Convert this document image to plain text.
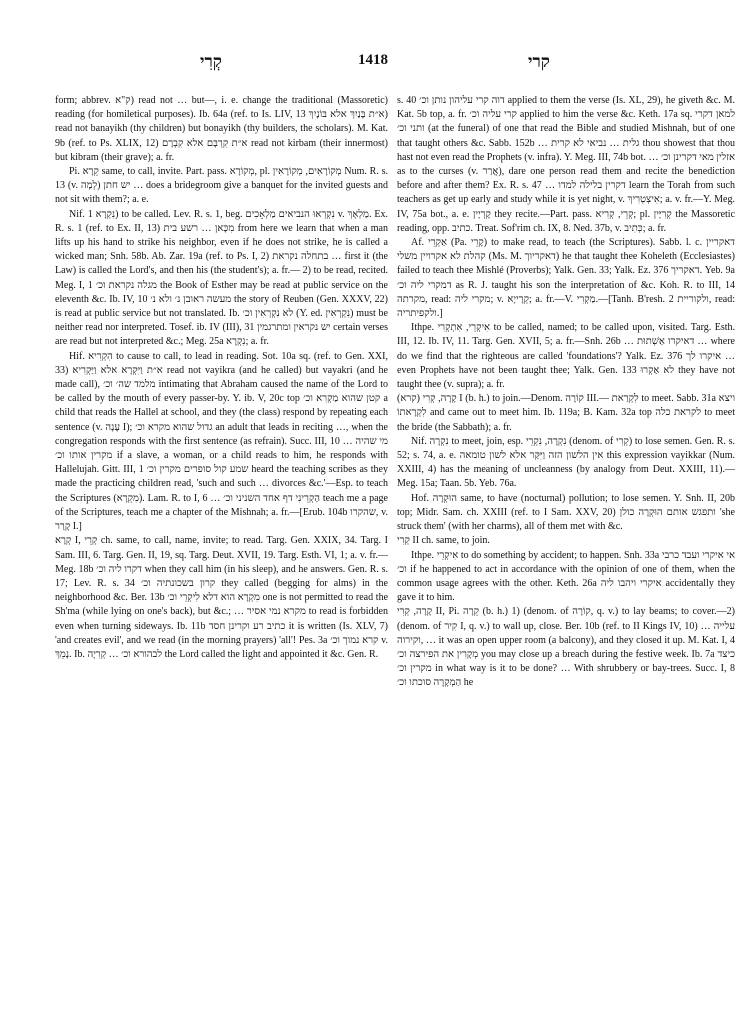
קְרִי	1418	קרי

form; abbrev. ק"א) read not … but—, i. e. change the traditional (Massoretic) reading (for homiletical purposes). Ib. 64a (ref. to Is. LIV, 13 א״ת בָּנַיִךְ אלא בּוֹנָיִךְ) read not banayikh (thy children) but bonayikh (thy builders, the scholars). M. Kat. 9b (ref. to Ps. XLIX, 12) א״ת קִרְבָּם אלא קִבְרָם read not kirbam (their innermost) but kibram (their grave); a. fr.

Pi. קֵרָא same, to call, invite. Part. pass. מְקוֹרָא, pl. מְקוֹרָאִים, מְקוֹרָאִין Num. R. s. 13 (v. לְמָה) יש חתן … does a bridegroom give a banquet for the invited guests and not sit with them?; a. e.

Nif. נִקְרָא 1) to be called. Lev. R. s. 1, beg. נִקְרְאוּ הנביאים מַלְאָכִים v. מַלְאָךְ. Ex. R. s. 1 (ref. to Ex. II, 13) מִכָּאן … רשע בית from here we learn that when a man lifts up his hand to strike his neighbor, even if he does not strike, he is called a wicked man; Snh. 58b. Ab. Zar. 19a (ref. to Ps. I, 2) בתחלה נקראת … first it (the Law) is called the Lord's, and then his (the student's); a. fr.— 2) to be read, recited. Meg. I, 1 מגלה נקראת וכ׳ the Book of Esther may be read at public service on the eleventh &c. Ib. IV, 10 מעשה ראובן נ׳ ולא נ׳ the story of Reuben (Gen. XXXV, 22) is read at public service but not translated. Ib. לא נִקְרְאִין וכ׳ (Y. ed. נִקְרְאִין) must be neither read nor interpreted. Tosef. ib. IV (III), 31 יש נקראין ומתרגמין certain verses are read but not interpreted &c.; Meg. 25a נִקְרָא; a. fr.

Hif. הִקְרִיא to cause to call, to lead in reading. Sot. 10a sq. (ref. to Gen. XXI, 33) א״ת וַיִּקְרָא אלא וַיַּקְרִיא read not vayikra (and he called) but vayakri (and he made call), מלמד שה׳ וכ׳ intimating that Abraham caused the name of the Lord to be called by the mouth of every passer-by. Y. ib. V, 20c top קטן שהוא מַקְרִא וכ׳ a child that reads the Hallel at school, and they (the class) respond by repeating each sentence (v. עָנָה I); גדול שהוא מקרא וכ׳ an adult that leads in reciting …, when the congregation responds with the first sentence (as refrain). Succ. III, 10 מי שהיה … מקרין אותו וכ׳ if a slave, a woman, or a child reads to him, he responds with Hallelujah. Gitt. III, 1 שמע קול סופרים מקרין וכ׳ heard the teaching scribes as they made the practicing children read, 'such and such … divorces &c.'—Esp. to teach the Scriptures (מִקְרָא). Lam. R. to I, 6 … הַקְרֵינִי דף אחד השניני וכ׳ teach me a page of the Scriptures, teach me a chapter of the Mishnah; a. fr.—[Erub. 104b שהקרו, v. קָרַר I.]

קְרָא I, קְרֵי ch. same, to call, name, invite; to read. Targ. Gen. XXIX, 34. Targ. I Sam. III, 6. Targ. Gen. II, 19, sq. Targ. Deut. XVII, 19. Targ. Esth. VI, 1; a. v. fr.— Meg. 18b דקרו ליה וכ׳ when they call him (in his sleep), and he answers. Gen. R. s. 17; Lev. R. s. 34 קרון בשכונתיה וכ׳ they called (begging for alms) in the neighborhood &c. Ber. 13b מִקְרָא הוא דלא לִיקְרֵי וכ׳ one is not permitted to read the Sh'ma (while lying on one's back), but &c.; … מקרא נמי אסיר to read is forbidden even when turning sideways. Ib. 11b כתיב רע וקרינן חסד it is written (Is. XLV, 7) 'and creates evil', and we read (in the morning prayers) 'all'! Pes. 3a קרא נמוך וכ׳ v. נָמֵךְ. Ib. לבהורא וכ׳ … קְרִיָה the Lord called the light and appointed it &c. Gen. R.

s. 40 דוה קרי עליהון נותן וכ׳ applied to them the verse (Is. XL, 29), he giveth &c. M. Kat. 5b top, a. fr. קרי עליה וכ׳ applied to him the verse &c. Keth. 17a sq. למאן דקרי ותני וכ׳ (at the funeral) of one that read the Bible and studied Mishnah, but of one that taught others &c. Sabb. 152b … גלית … נביאי לא קרית thou showest that thou hast not even read the Prophets (v. infra). Y. Meg. III, 74b bot. … אזלין מאי דקרינן וכ׳ as to the curses (v. אֲרַר), dare one person read them and recite the benediction before and after them? Ex. R. s. 47 … דקרין בלילה למדו learn the Torah from such teachers as get up early and study while it is yet night, v. אִיצְטְרִיךְ; a. v. fr.—Y. Meg. IV, 75a bot., a. e. קָרְיָין they recite.—Part. pass. קְרֵי, קְרִיא; pl. קְרִיָּין the Massoretic reading, opp. כתיב. Treat. Sof'rim ch. IX, 8. Ned. 37b, v. כְּתִיב; a. fr.

Af. אַקְרֵי (Pa. קָרֵי) to make read, to teach (the Scriptures). Sabb. l. c. דאקריין קהלת לא אקרויין משלי (Ms. M. דאקריוך) he that taught thee Koheleth (Ecclesiastes) failed to teach thee Mishlé (Proverbs); Yalk. Gen. 33; Yalk. Ez. 376 דאקריך. Yeb. 9a דמקרי ליה וכ׳ as R. J. taught his son the interpretation of &c. Koh. R. to III, 14 מקרתה, read: מקרי ליה; v. קְרָייָא; a. fr.—V. מַקְרִי.—[Tanh. B'resh. 2 ולקוריית, read: ולקפיתריה.]

Ithpe. אִיקְרֵי, אִתְקְרִי to be called, named; to be called upon, visited. Targ. Esth. III, 12. Ib. IV, 11. Targ. Gen. XVII, 5; a. fr.—Snh. 26b … דאיקרו אַשְׁתוּת … where do we find that the righteous are called 'foundations'? Yalk. Ez. 376 איקרו לך … even Prophets have not been taught thee; Yalk. Gen. 133 לא אַקְרוּ they have not taught thee (v. supra); a. fr.

קָרָה, קְרִי (קרא) I (b. h.) to join.—Denom. קוֹרָה III.— לִקְרַאת to meet. Sabb. 31a ויצא לִקְרָאתוֹ and came out to meet him. Ib. 119a; B. Kam. 32a top לקראת כלה to meet the bride (the Sabbath); a. fr.

Nif. נִקְרָה to meet, join, esp. נִקְרָה, נִקְרֵי (denom. of קְרִי) to lose semen. Gen. R. s. 52; s. 74, a. e. אין הלשון הזה וַיִּקַּר אלא לשון טומאה this expression vayikkar (Num. XXIII, 4) has the meaning of uncleanness (by analogy from Deut. XXIII, 11).—Meg. 15a; Taan. 5b. Yeb. 76a.

Hof. הוּקְרָה same, to have (nocturnal) pollution; to lose semen. Y. Snh. II, 20b top; Midr. Sam. ch. XXIII (ref. to I Sam. XXV, 20) ותפגש אותם הוּקְרָה כולן 'she struck them' (with her charms), all of them met with &c.

קְרִי II ch. same, to join.

Ithpe. אִיקְרֵי to do something by accident; to happen. Snh. 33a אי איקרי ועבד כרבי וכ׳ if he happened to act in accordance with the opinion of one of them, when the common usage agrees with the other. Keth. 26a איקרי ויהבו ליה accidentally they gave it to him.

קָרָה, קְרִי II, Pi. קֵרָה (b. h.) 1) (denom. of קוֹרָה, q. v.) to lay beams; to cover.—2) (denom. of קִיר I, q. v.) to wall up, close. Ber. 10b (ref. to II Kings IV, 10) עלייה … וקירוה, … it was an open upper room (a balcony), and they closed it up. M. Kat. I, 4 מְקָרִין את הפירצה וכ׳ you may close up a breach during the festive week. Ib. 7a כיצד מקרין וכ׳ in what way is it to be done? … With shrubbery or bay-trees. Succ. I, 8 הַמְקָרֶה סוכתו וכ׳ he
